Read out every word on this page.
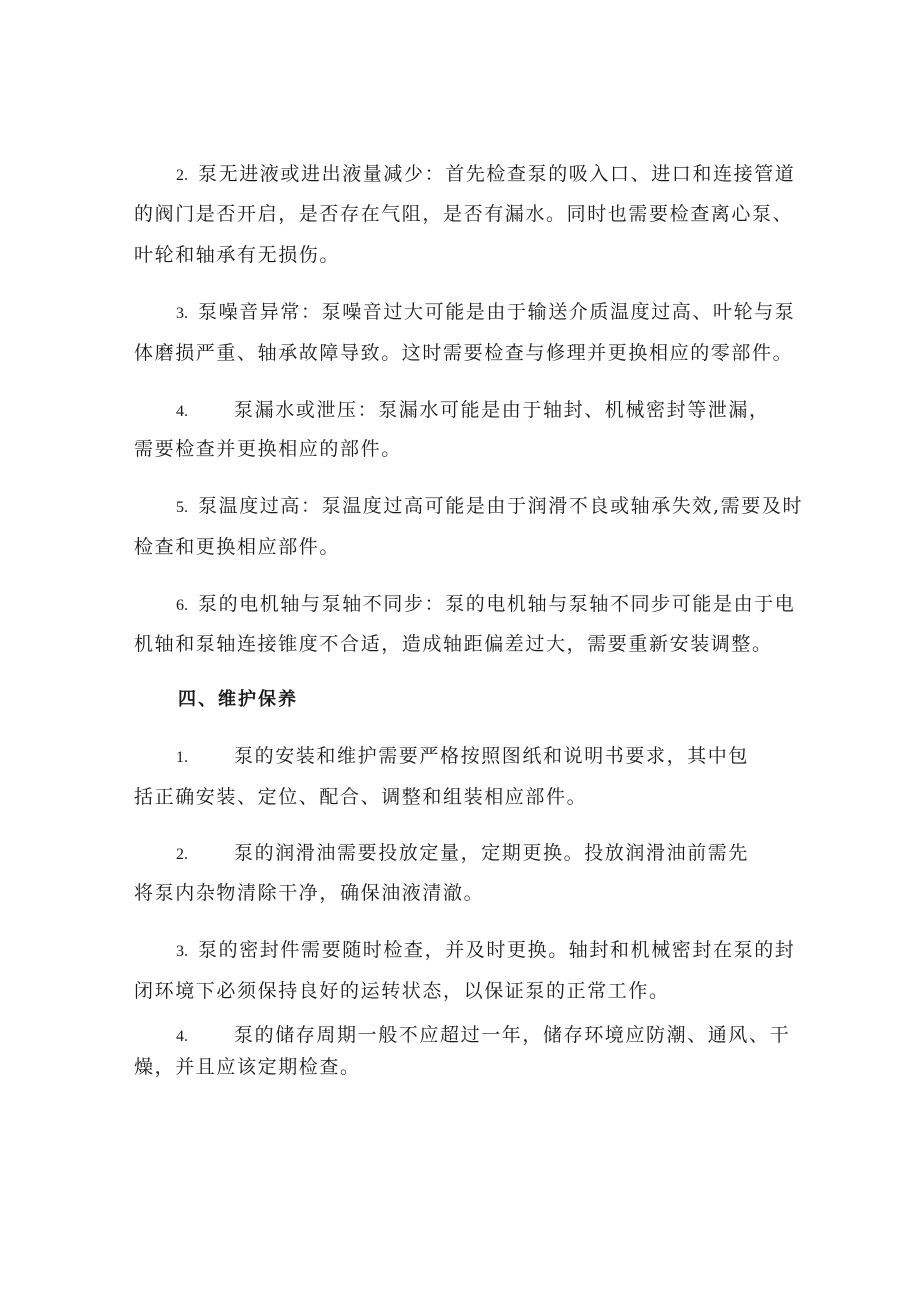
2. 泵无进液或进出液量减少：首先检查泵的吸入口、进口和连接管道
的阀门是否开启，是否存在气阻，是否有漏水。同时也需要检查离心泵、
叶轮和轴承有无损伤。
3. 泵噪音异常：泵噪音过大可能是由于输送介质温度过高、叶轮与泵
体磨损严重、轴承故障导致。这时需要检查与修理并更换相应的零部件。
4. 泵漏水或泄压：泵漏水可能是由于轴封、机械密封等泄漏，
需要检查并更换相应的部件。
5. 泵温度过高：泵温度过高可能是由于润滑不良或轴承失效,需要及时
检查和更换相应部件。
6. 泵的电机轴与泵轴不同步：泵的电机轴与泵轴不同步可能是由于电
机轴和泵轴连接锥度不合适，造成轴距偏差过大，需要重新安装调整。
四、维护保养
1. 泵的安装和维护需要严格按照图纸和说明书要求，其中包
括正确安装、定位、配合、调整和组装相应部件。
2. 泵的润滑油需要投放定量，定期更换。投放润滑油前需先
将泵内杂物清除干净，确保油液清澈。
3. 泵的密封件需要随时检查，并及时更换。轴封和机械密封在泵的封
闭环境下必须保持良好的运转状态，以保证泵的正常工作。
4. 泵的储存周期一般不应超过一年，储存环境应防潮、通风、干
燥，并且应该定期检查。
